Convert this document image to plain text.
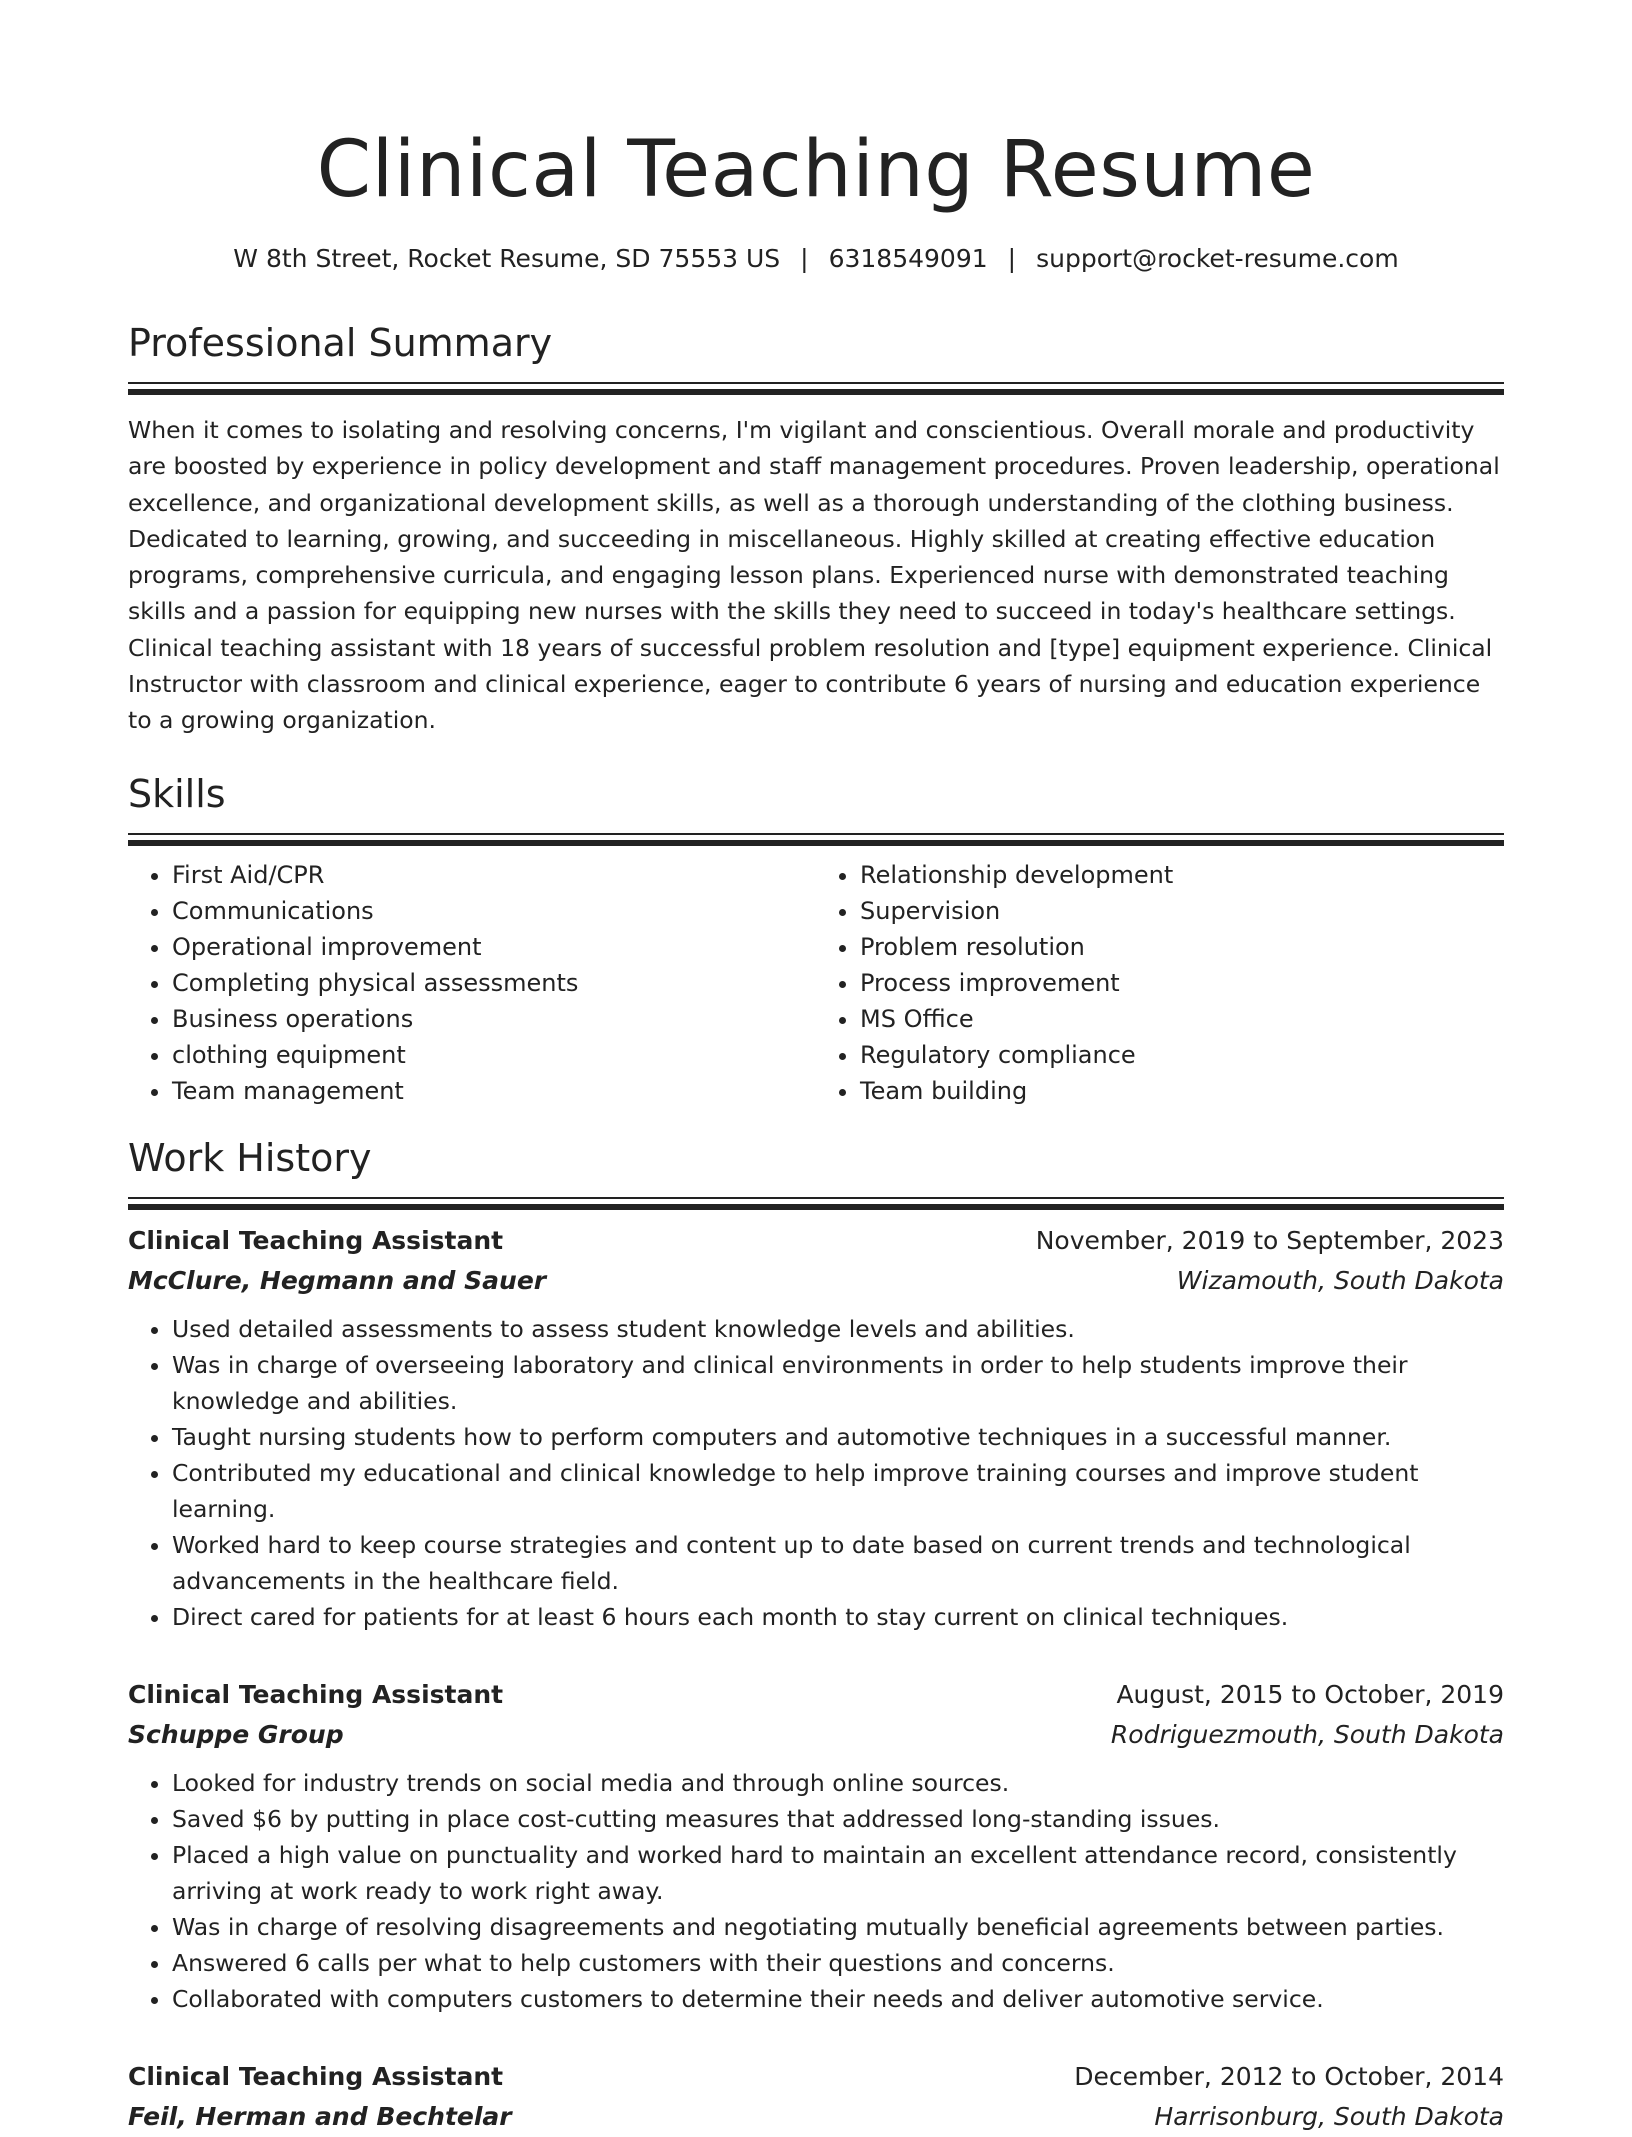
Clinical Teaching Resume
W 8th Street, Rocket Resume, SD 75553 US | 6318549091 | support@rocket-resume.com
Professional Summary

When it comes to isolating and resolving concerns, I'm vigilant and conscientious. Overall morale and productivity are boosted by experience in policy development and staff management procedures. Proven leadership, operational excellence, and organizational development skills, as well as a thorough understanding of the clothing business. Dedicated to learning, growing, and succeeding in miscellaneous. Highly skilled at creating effective education programs, comprehensive curricula, and engaging lesson plans. Experienced nurse with demonstrated teaching skills and a passion for equipping new nurses with the skills they need to succeed in today's healthcare settings. Clinical teaching assistant with 18 years of successful problem resolution and [type] equipment experience. Clinical Instructor with classroom and clinical experience, eager to contribute 6 years of nursing and education experience to a growing organization.

Skills
• First Aid/CPR
• Communications
• Operational improvement
• Completing physical assessments
• Business operations
• clothing equipment
• Team management
• Relationship development
• Supervision
• Problem resolution
• Process improvement
• MS Office
• Regulatory compliance
• Team building
Work History
Clinical Teaching Assistant	November, 2019 to September, 2023
McClure, Hegmann and Sauer	Wizamouth, South Dakota
• Used detailed assessments to assess student knowledge levels and abilities.
• Was in charge of overseeing laboratory and clinical environments in order to help students improve their knowledge and abilities.
• Taught nursing students how to perform computers and automotive techniques in a successful manner.
• Contributed my educational and clinical knowledge to help improve training courses and improve student learning.
• Worked hard to keep course strategies and content up to date based on current trends and technological advancements in the healthcare field.
• Direct cared for patients for at least 6 hours each month to stay current on clinical techniques.
Clinical Teaching Assistant	August, 2015 to October, 2019
Schuppe Group	Rodriguezmouth, South Dakota
• Looked for industry trends on social media and through online sources.
• Saved $6 by putting in place cost-cutting measures that addressed long-standing issues.
• Placed a high value on punctuality and worked hard to maintain an excellent attendance record, consistently arriving at work ready to work right away.
• Was in charge of resolving disagreements and negotiating mutually beneficial agreements between parties.
• Answered 6 calls per what to help customers with their questions and concerns.
• Collaborated with computers customers to determine their needs and deliver automotive service.
Clinical Teaching Assistant	December, 2012 to October, 2014
Feil, Herman and Bechtelar	Harrisonburg, South Dakota
